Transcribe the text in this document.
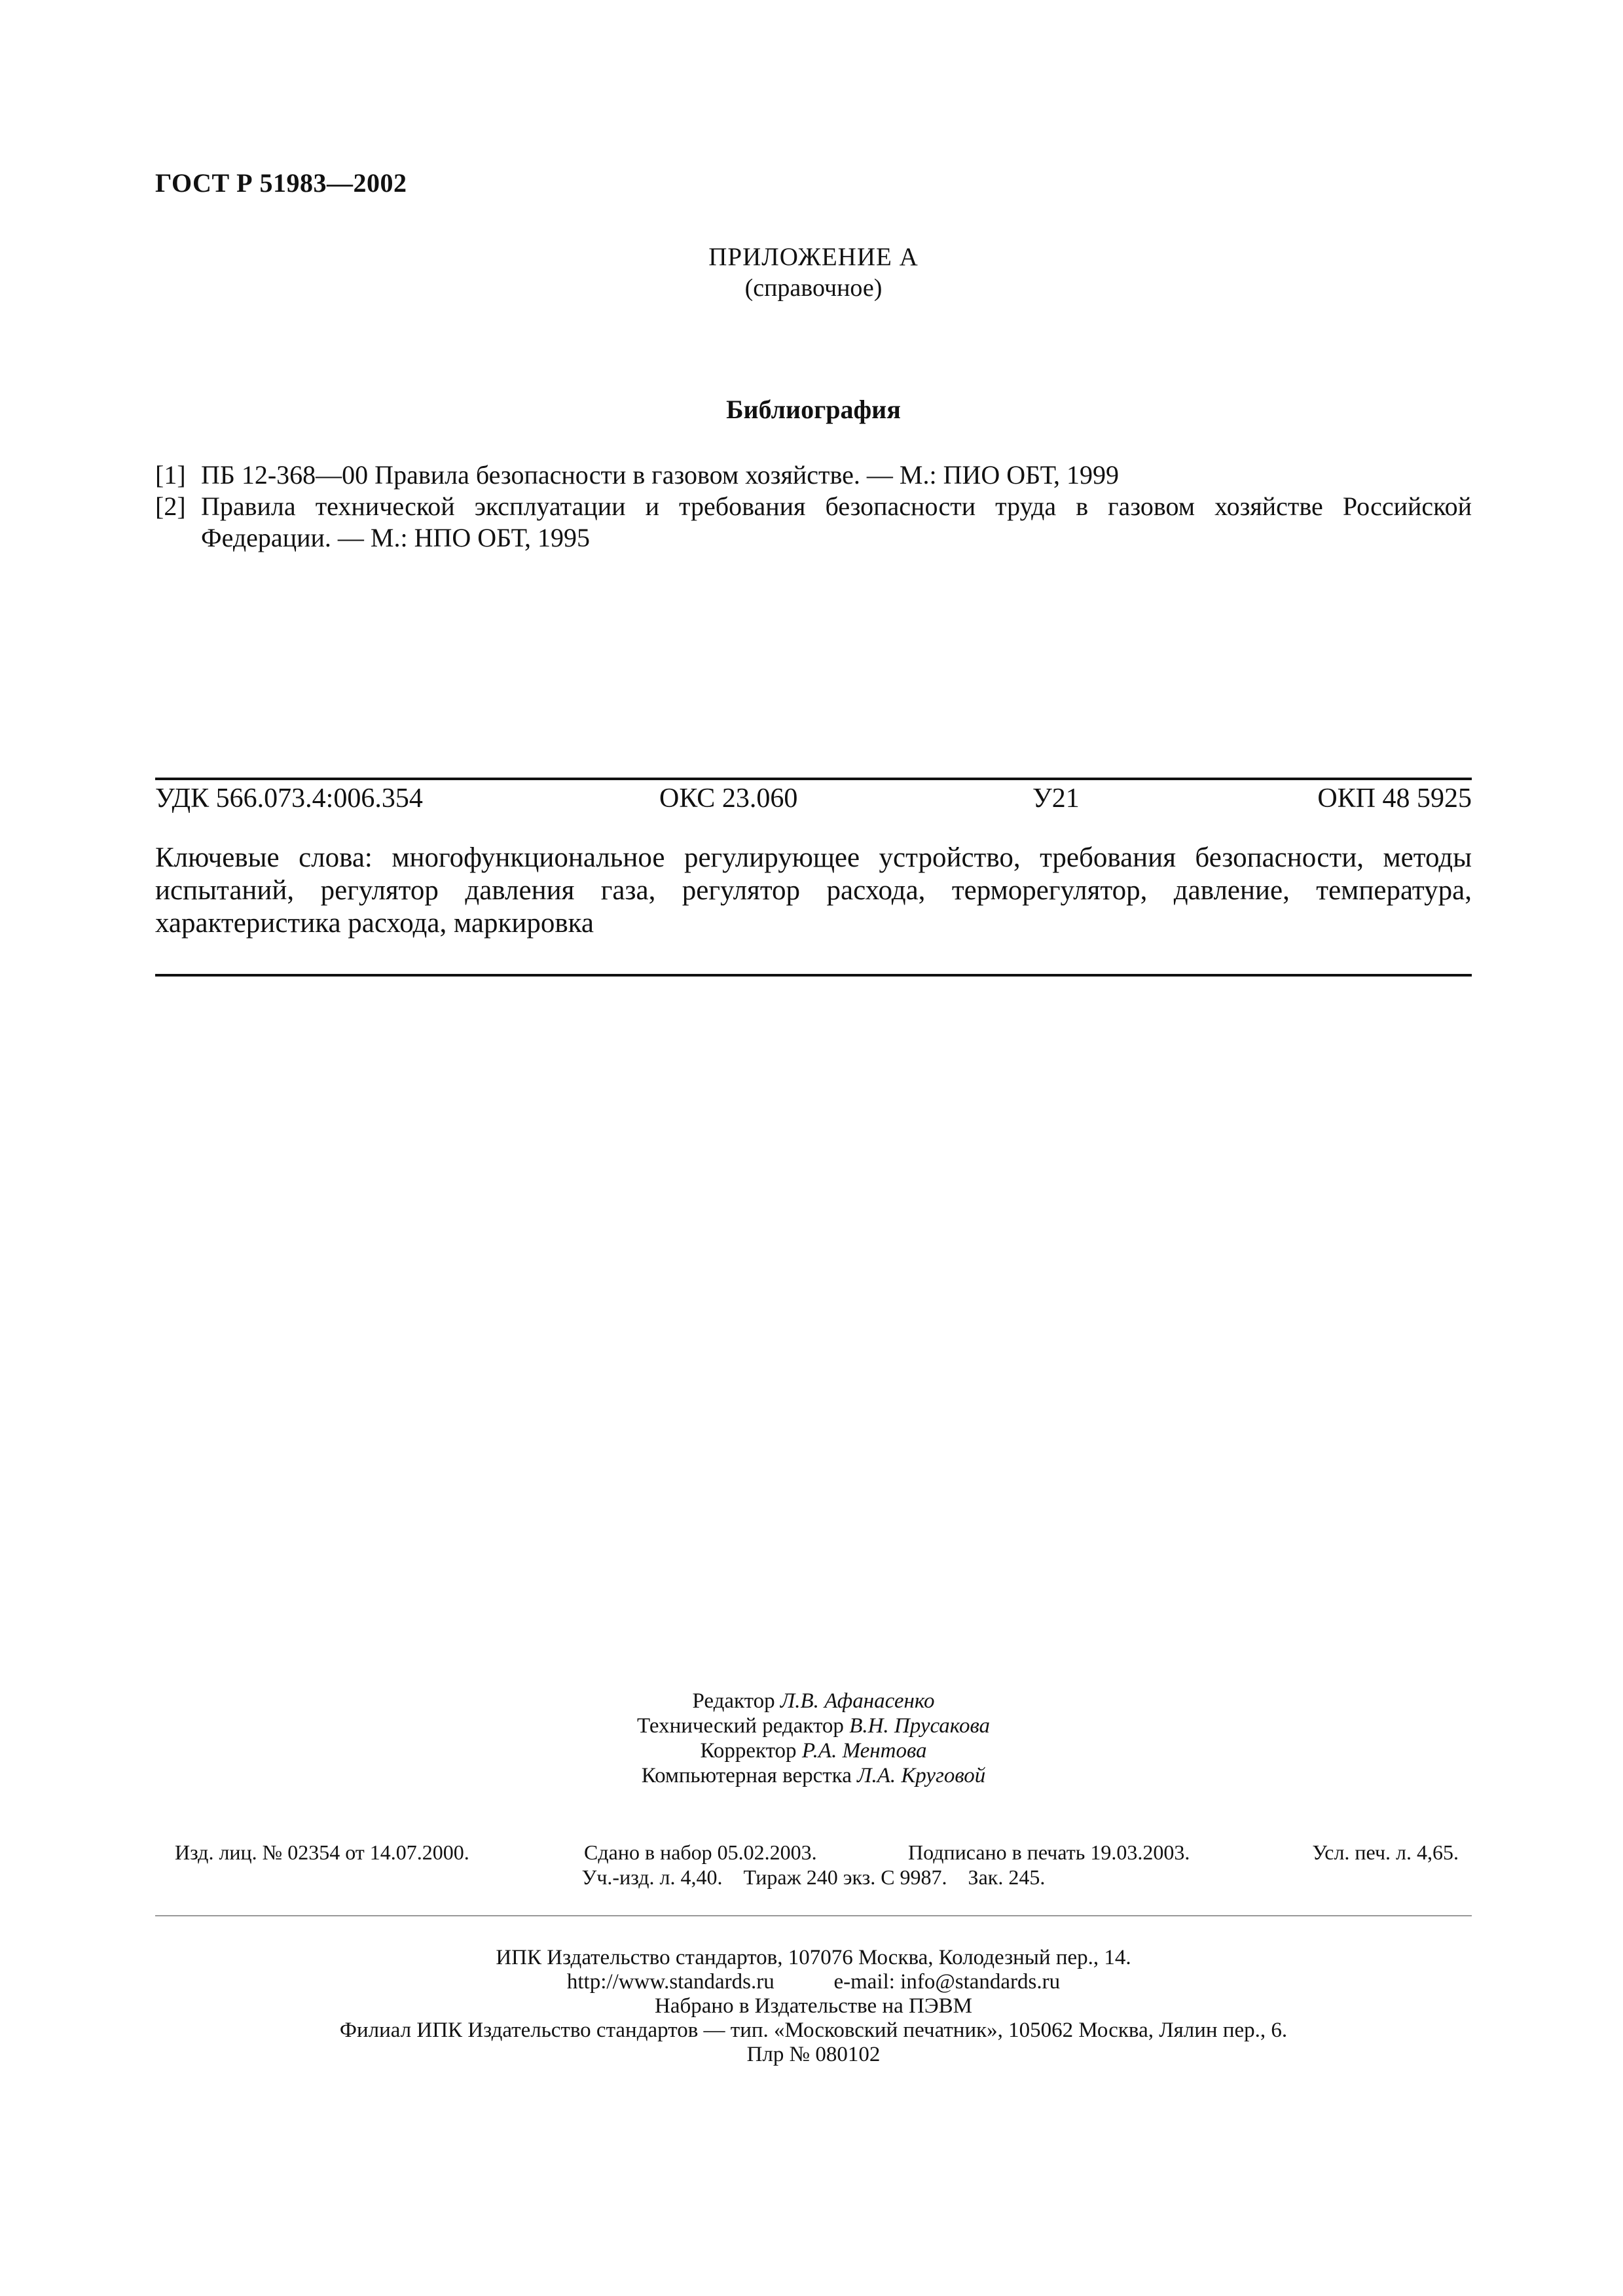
ГОСТ Р 51983—2002
ПРИЛОЖЕНИЕ А
(справочное)
Библиография
[1] ПБ 12-368—00 Правила безопасности в газовом хозяйстве. — М.: ПИО ОБТ, 1999
[2] Правила технической эксплуатации и требования безопасности труда в газовом хозяйстве Российской Федерации. — М.: НПО ОБТ, 1995
УДК 566.073.4:006.354	ОКС 23.060	У21	ОКП 48 5925
Ключевые слова: многофункциональное регулирующее устройство, требования безопасности, методы испытаний, регулятор давления газа, регулятор расхода, терморегулятор, давление, температура, характеристика расхода, маркировка
Редактор Л.В. Афанасенко
Технический редактор В.Н. Прусакова
Корректор Р.А. Ментова
Компьютерная верстка Л.А. Круговой
Изд. лиц. № 02354 от 14.07.2000.	Сдано в набор 05.02.2003.	Подписано в печать 19.03.2003.	Усл. печ. л. 4,65.
Уч.-изд. л. 4,40. Тираж 240 экз. С 9987. Зак. 245.
ИПК Издательство стандартов, 107076 Москва, Колодезный пер., 14.
http://www.standards.ru	e-mail: info@standards.ru
Набрано в Издательстве на ПЭВМ
Филиал ИПК Издательство стандартов — тип. «Московский печатник», 105062 Москва, Лялин пер., 6.
Плр № 080102
